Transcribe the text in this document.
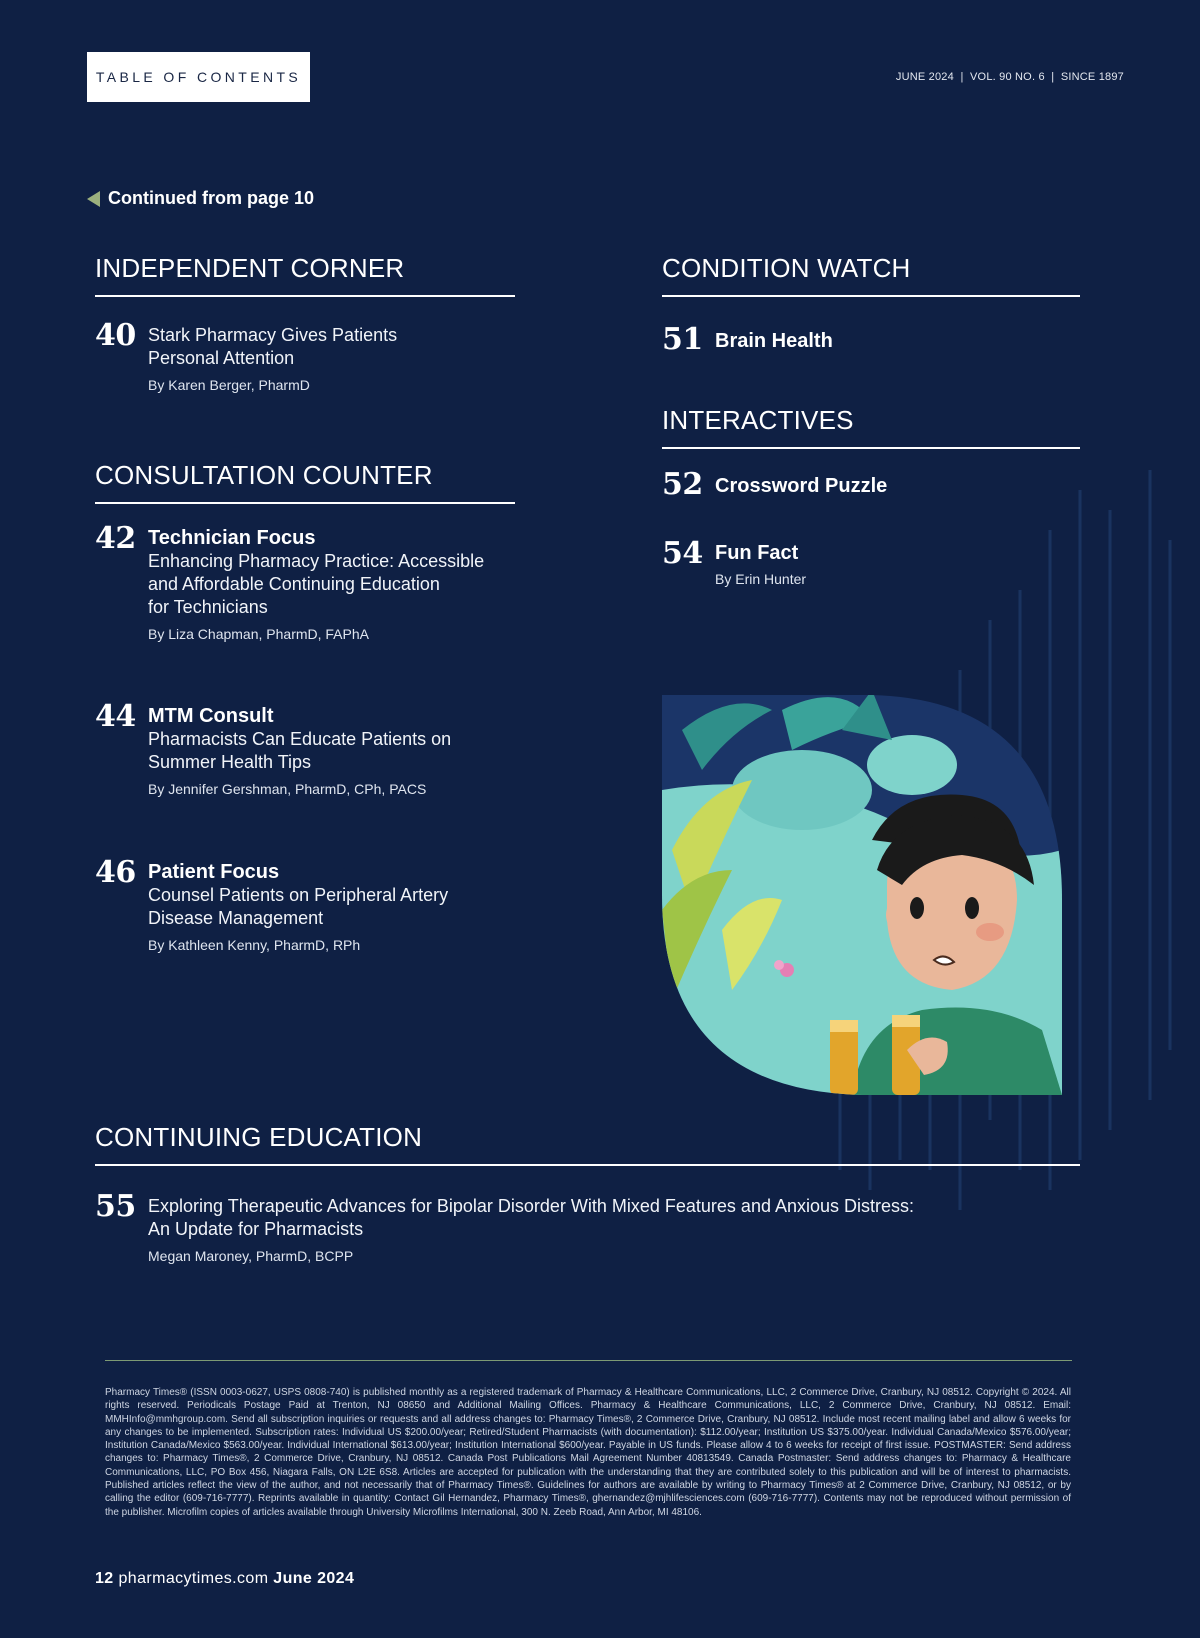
TABLE OF CONTENTS	JUNE 2024  |  VOL. 90 NO. 6  |  SINCE 1897
Continued from page 10
INDEPENDENT CORNER
40 Stark Pharmacy Gives Patients
Personal Attention
By Karen Berger, PharmD
CONSULTATION COUNTER
42 Technician Focus
Enhancing Pharmacy Practice: Accessible
and Affordable Continuing Education
for Technicians
By Liza Chapman, PharmD, FAPhA
44 MTM Consult
Pharmacists Can Educate Patients on
Summer Health Tips
By Jennifer Gershman, PharmD, CPh, PACS
46 Patient Focus
Counsel Patients on Peripheral Artery
Disease Management
By Kathleen Kenny, PharmD, RPh
CONDITION WATCH
51 Brain Health
INTERACTIVES
52 Crossword Puzzle
54 Fun Fact
By Erin Hunter
CONTINUING EDUCATION
55 Exploring Therapeutic Advances for Bipolar Disorder With Mixed Features and Anxious Distress:
An Update for Pharmacists
Megan Maroney, PharmD, BCPP
Pharmacy Times® (ISSN 0003-0627, USPS 0808-740) is published monthly as a registered trademark of Pharmacy & Healthcare Communications, LLC, 2 Commerce Drive, Cranbury, NJ 08512. Copyright © 2024. All rights reserved. Periodicals Postage Paid at Trenton, NJ 08650 and Additional Mailing Offices. Pharmacy & Healthcare Communications, LLC, 2 Commerce Drive, Cranbury, NJ 08512. Email: MMHInfo@mmhgroup.com. Send all subscription inquiries or requests and all address changes to: Pharmacy Times®, 2 Commerce Drive, Cranbury, NJ 08512. Include most recent mailing label and allow 6 weeks for any changes to be implemented. Subscription rates: Individual US $200.00/year; Retired/Student Pharmacists (with documentation): $112.00/year; Institution US $375.00/year. Individual Canada/Mexico $576.00/year; Institution Canada/Mexico $563.00/year. Individual International $613.00/year; Institution International $600/year. Payable in US funds. Please allow 4 to 6 weeks for receipt of first issue. POSTMASTER: Send address changes to: Pharmacy Times®, 2 Commerce Drive, Cranbury, NJ 08512. Canada Post Publications Mail Agreement Number 40813549. Canada Postmaster: Send address changes to: Pharmacy & Healthcare Communications, LLC, PO Box 456, Niagara Falls, ON L2E 6S8. Articles are accepted for publication with the understanding that they are contributed solely to this publication and will be of interest to pharmacists. Published articles reflect the view of the author, and not necessarily that of Pharmacy Times®. Guidelines for authors are available by writing to Pharmacy Times® at 2 Commerce Drive, Cranbury, NJ 08512, or by calling the editor (609-716-7777). Reprints available in quantity: Contact Gil Hernandez, Pharmacy Times®, ghernandez@mjhlifesciences.com (609-716-7777). Contents may not be reproduced without permission of the publisher. Microfilm copies of articles available through University Microfilms International, 300 N. Zeeb Road, Ann Arbor, MI 48106.
12 pharmacytimes.com June 2024
